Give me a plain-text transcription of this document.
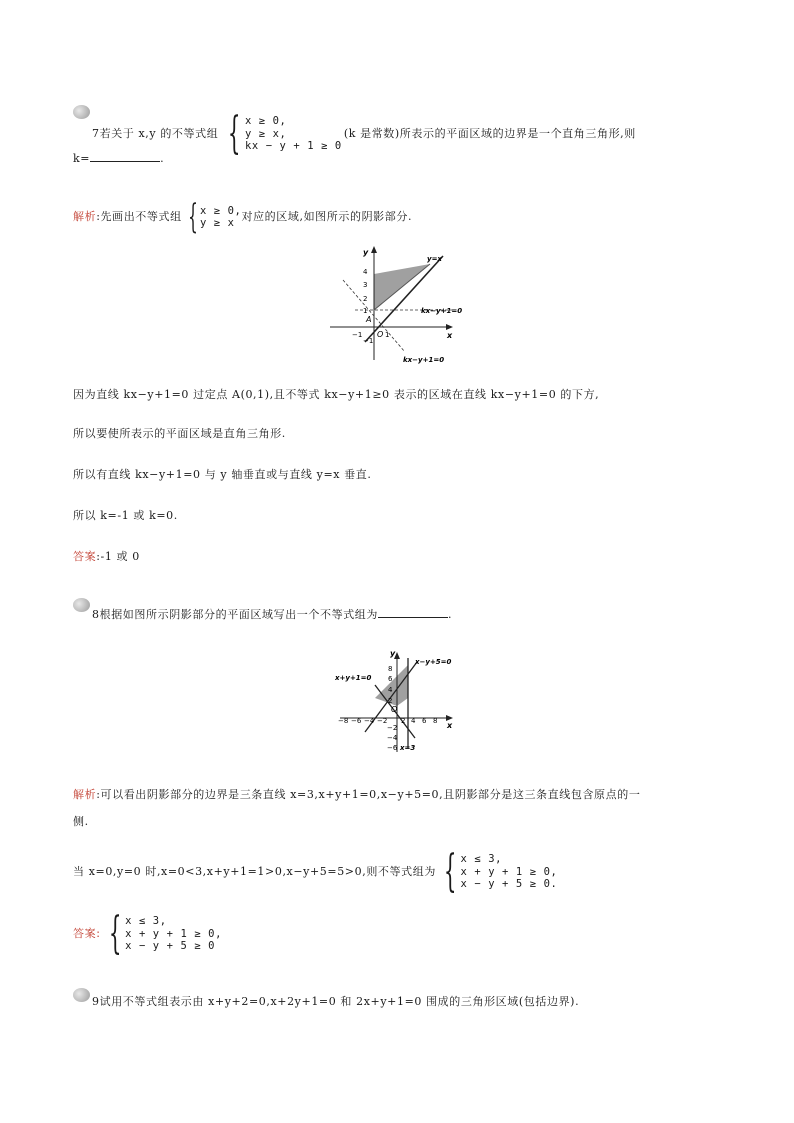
7 若关于 x,y 的不等式组 { x ≥ 0,
y ≥ x,
kx − y + 1 ≥ 0
(k 是常数)所表示的平面区域的边界是一个直角三角形,则
k=	.
解析 :先画出不等式组 { x ≥ 0,
y ≥ x 对应的区域,如图所示的阴影部分.
y
x
O
A
y=x
kx−y+1=0
kx−y+1=0
4
3
2
1
−1
−1	1
因为直线 kx−y+1=0 过定点 A(0,1),且不等式 kx−y+1≥0 表示的区域在直线 kx−y+1=0 的下方,
所以要使所表示的平面区域是直角三角形.
所以有直线 kx−y+1=0 与 y 轴垂直或与直线 y=x 垂直.
所以 k=-1 或 k=0.
答案:-1 或 0
8根据如图所示阴影部分的平面区域写出一个不等式组为	.
y
x
O
x+y+1=0
x−y+5=0
x=3
8
6
4
2
−2
−4
−6
−8 −6 −4 −2 2 4 6 8
解析:可以看出阴影部分的边界是三条直线 x=3,x+y+1=0,x−y+5=0,且阴影部分是这三条直线包含原点的一
侧.
当 x=0,y=0 时,x=0<3,x+y+1=1>0,x−y+5=5>0,则不等式组为 { x ≤ 3,
x + y + 1 ≥ 0,
x − y + 5 ≥ 0.
答案 : { x ≤ 3,
x + y + 1 ≥ 0,
x − y + 5 ≥ 0
9试用不等式组表示由 x+y+2=0,x+2y+1=0 和 2x+y+1=0 围成的三角形区域(包括边界).
